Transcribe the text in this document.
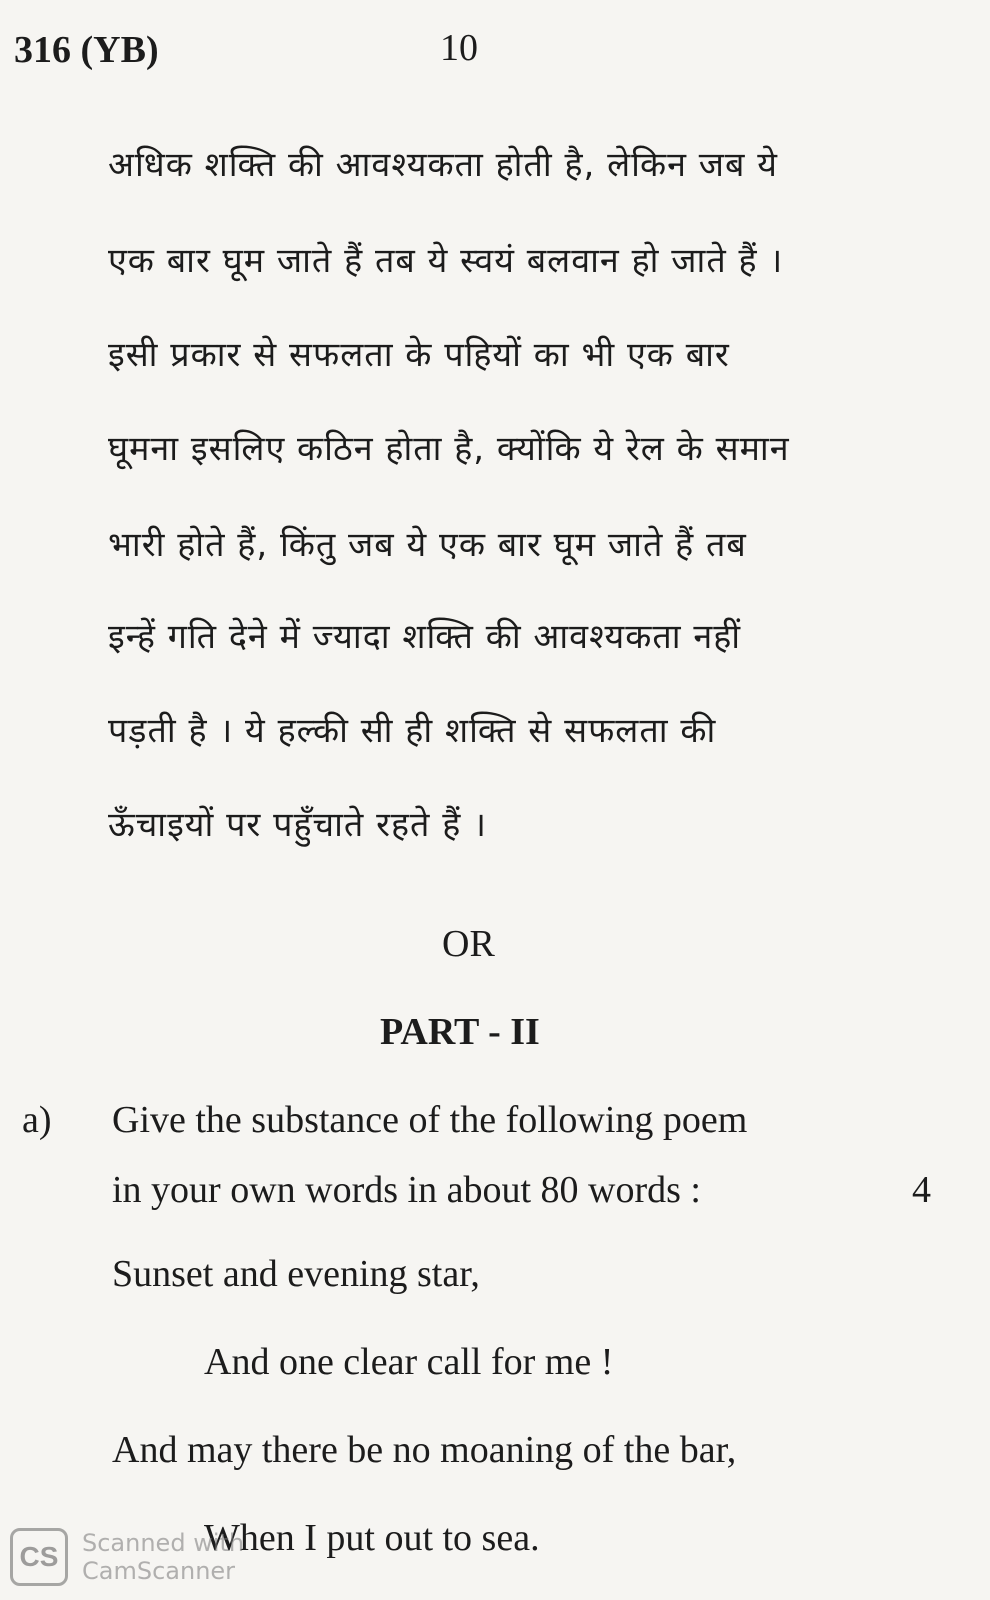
316 (YB)	10
अधिक शक्ति की आवश्यकता होती है, लेकिन जब ये
एक बार घूम जाते हैं तब ये स्वयं बलवान हो जाते हैं ।
इसी प्रकार से सफलता के पहियों का भी एक बार
घूमना इसलिए कठिन होता है, क्योंकि ये रेल के समान
भारी होते हैं, किंतु जब ये एक बार घूम जाते हैं तब
इन्हें गति देने में ज्यादा शक्ति की आवश्यकता नहीं
पड़ती है । ये हल्की सी ही शक्ति से सफलता की
ऊँचाइयों पर पहुँचाते रहते हैं ।
OR
PART - II
a) Give the substance of the following poem
in your own words in about 80 words :	4
Sunset and evening star,
And one clear call for me !
And may there be no moaning of the bar,
When I put out to sea.
CS Scanned with
CamScanner
